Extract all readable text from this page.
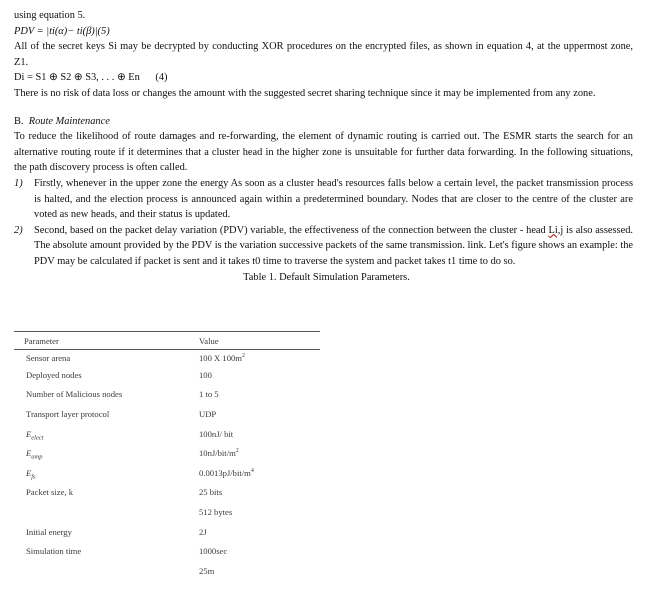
using equation 5.
PDV = |ti(α)− ti(β)|(5)
All of the secret keys Si may be decrypted by conducting XOR procedures on the encrypted files, as shown in equation 4, at the uppermost zone, Z1.
Di = S1 ⊕ S2 ⊕ S3, . . . ⊕ En      (4)
There is no risk of data loss or changes the amount with the suggested secret sharing technique since it may be implemented from any zone.
B. Route Maintenance
To reduce the likelihood of route damages and re-forwarding, the element of dynamic routing is carried out. The ESMR starts the search for an alternative routing route if it determines that a cluster head in the higher zone is unsuitable for further data forwarding. In the following situations, the path discovery process is often called.
1) Firstly, whenever in the upper zone the energy As soon as a cluster head's resources falls below a certain level, the packet transmission process is halted, and the election process is announced again within a predetermined boundary. Nodes that are closer to the centre of the cluster are voted as new heads, and their status is updated.
2) Second, based on the packet delay variation (PDV) variable, the effectiveness of the connection between the cluster - head Li,j is also assessed. The absolute amount provided by the PDV is the variation successive packets of the same transmission. link. Let's figure shows an example: the PDV may be calculated if packet is sent and it takes t0 time to traverse the system and packet takes t1 time to do so.
Table 1. Default Simulation Parameters.
Parameter	Value
Sensor arena	100 X $100m^2$
Deployed nodes	100
Number of Malicious nodes	1 to 5
Transport layer protocol	UDP
$E_{elect}$	100nJ/ bit
$E_{amp}$	$10nJ/bit/m^2$
$E_{fs}$	$0.0013pJ/bit/m^4$
Packet size, k	25 bits
	512 bytes
Initial energy	2J
Simulation time	1000sec
	25m
